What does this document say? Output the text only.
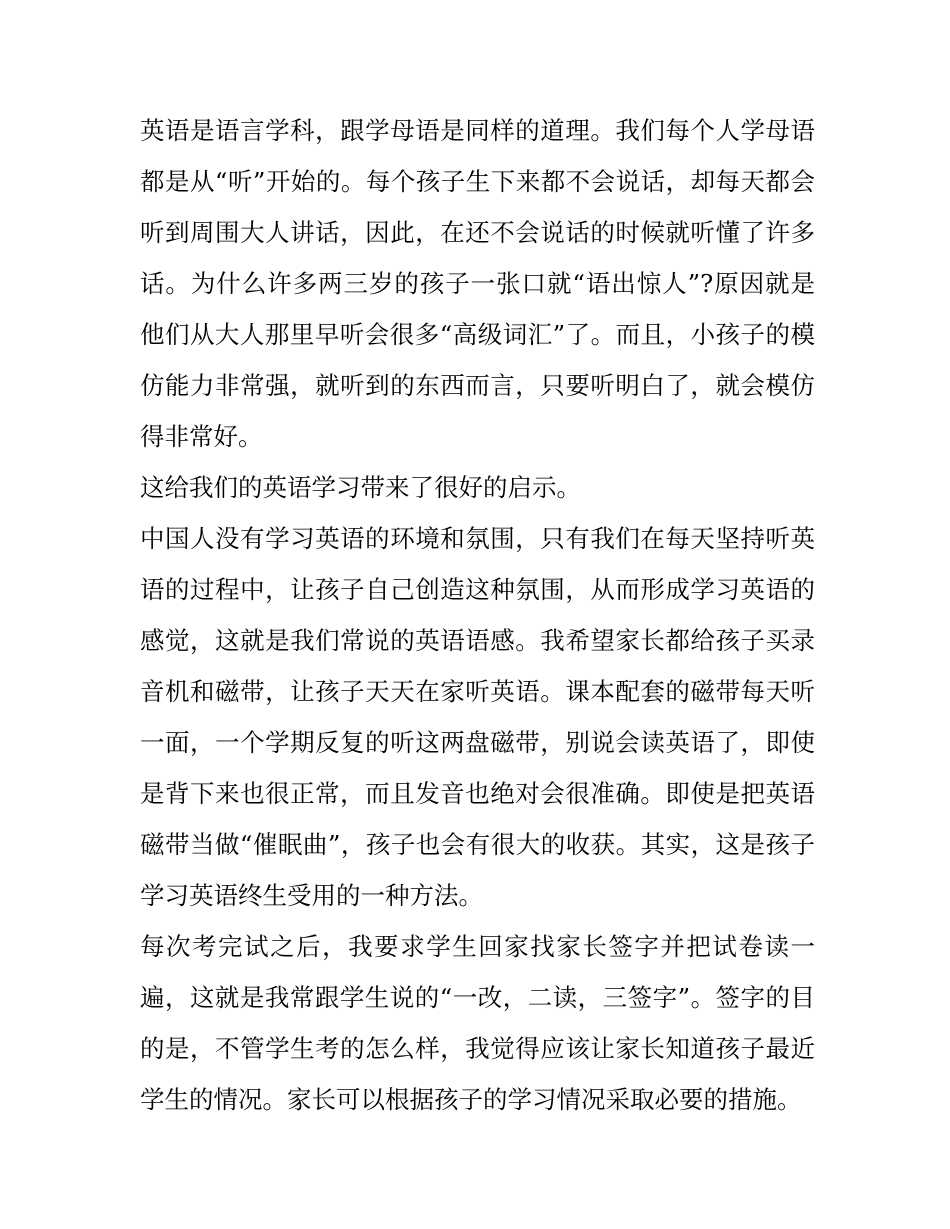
英语是语言学科，跟学母语是同样的道理。我们每个人学母语
都是从“听”开始的。每个孩子生下来都不会说话，却每天都会
听到周围大人讲话，因此，在还不会说话的时候就听懂了许多
话。为什么许多两三岁的孩子一张口就“语出惊人”?原因就是
他们从大人那里早听会很多“高级词汇”了。而且，小孩子的模
仿能力非常强，就听到的东西而言，只要听明白了，就会模仿
得非常好。
这给我们的英语学习带来了很好的启示。
中国人没有学习英语的环境和氛围，只有我们在每天坚持听英
语的过程中，让孩子自己创造这种氛围，从而形成学习英语的
感觉，这就是我们常说的英语语感。我希望家长都给孩子买录
音机和磁带，让孩子天天在家听英语。课本配套的磁带每天听
一面，一个学期反复的听这两盘磁带，别说会读英语了，即使
是背下来也很正常，而且发音也绝对会很准确。即使是把英语
磁带当做“催眠曲”，孩子也会有很大的收获。其实，这是孩子
学习英语终生受用的一种方法。
每次考完试之后，我要求学生回家找家长签字并把试卷读一
遍，这就是我常跟学生说的“一改，二读，三签字”。签字的目
的是，不管学生考的怎么样，我觉得应该让家长知道孩子最近
学生的情况。家长可以根据孩子的学习情况采取必要的措施。
